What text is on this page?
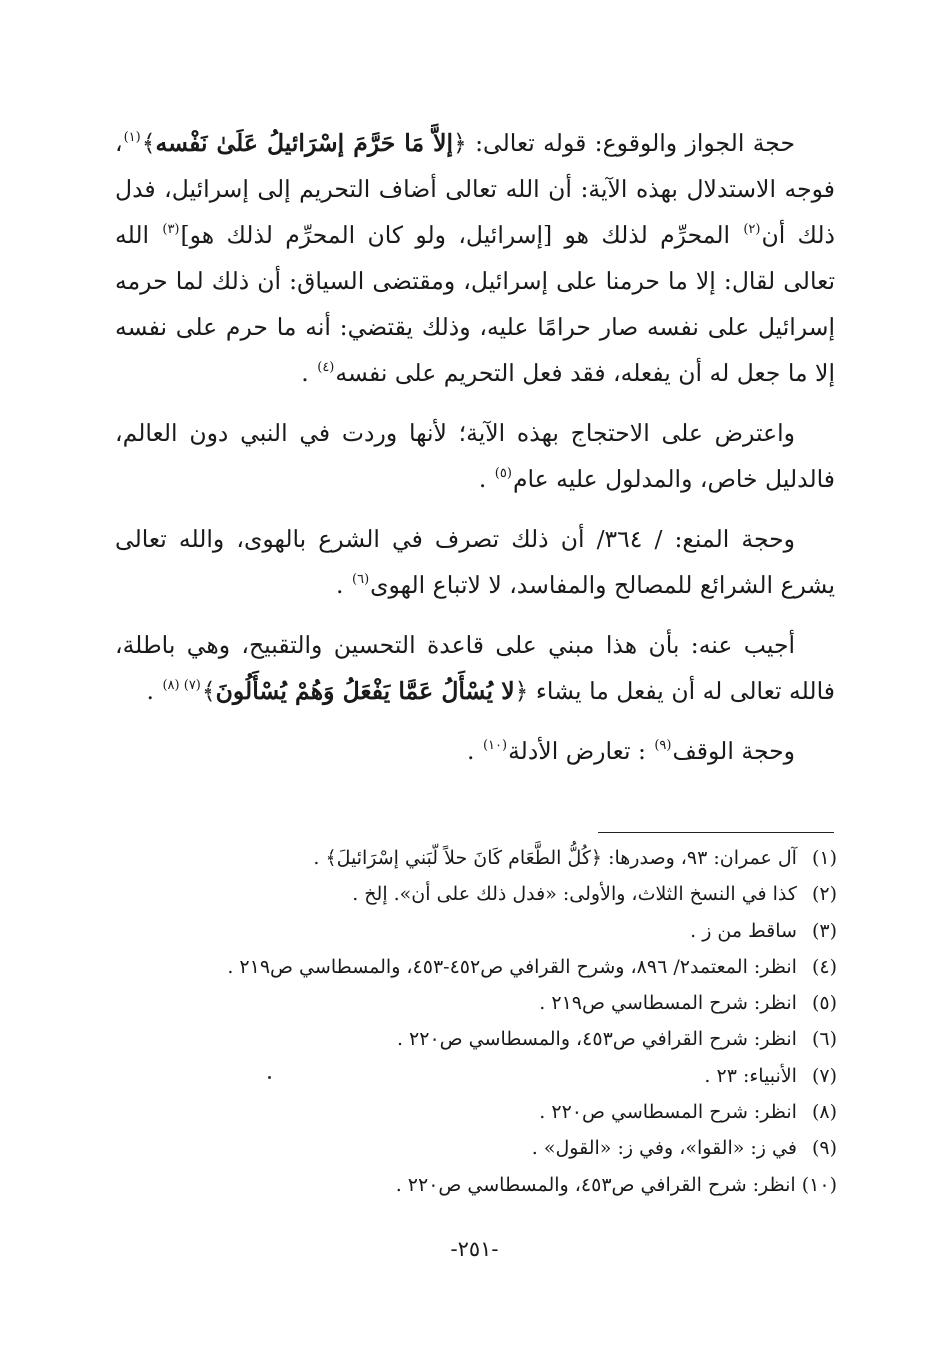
حجة الجواز والوقوع: قوله تعالى: ﴿إلاَّ مَا حَرَّمَ إسْرَائيلُ عَلَىٰ نَفْسه﴾$^{(١)}$، فوجه الاستدلال بهذه الآية: أن الله تعالى أضاف التحريم إلى إسرائيل، فدل ذلك أن$^{(٢)}$ المحرِّم لذلك هو [إسرائيل، ولو كان المحرِّم لذلك هو]$^{(٣)}$ الله تعالى لقال: إلا ما حرمنا على إسرائيل، ومقتضى السياق: أن ذلك لما حرمه إسرائيل على نفسه صار حرامًا عليه، وذلك يقتضي: أنه ما حرم على نفسه إلا ما جعل له أن يفعله، فقد فعل التحريم على نفسه$^{(٤)}$ .

واعترض على الاحتجاج بهذه الآية؛ لأنها وردت في النبي دون العالم، فالدليل خاص، والمدلول عليه عام$^{(٥)}$ .

وحجة المنع: / ٣٦٤/ أن ذلك تصرف في الشرع بالهوى، والله تعالى يشرع الشرائع للمصالح والمفاسد، لا لاتباع الهوى$^{(٦)}$ .

أجيب عنه: بأن هذا مبني على قاعدة التحسين والتقبيح، وهي باطلة، فالله تعالى له أن يفعل ما يشاء ﴿لا يُسْأَلُ عَمَّا يَفْعَلُ وَهُمْ يُسْأَلُونَ﴾$^{(٧) (٨)}$ .

وحجة الوقف$^{(٩)}$ : تعارض الأدلة$^{(١٠)}$ .

(١) آل عمران: ٩٣، وصدرها: ﴿كُلُّ الطَّعَام كَانَ حلاً لّبَني إسْرَائيلَ﴾ .
(٢) كذا في النسخ الثلاث، والأولى: «فدل ذلك على أن». إلخ .
(٣) ساقط من ز .
(٤) انظر: المعتمد٢/ ٨٩٦، وشرح القرافي ص٤٥٢-٤٥٣، والمسطاسي ص٢١٩ .
(٥) انظر: شرح المسطاسي ص٢١٩ .
(٦) انظر: شرح القرافي ص٤٥٣، والمسطاسي ص٢٢٠ .
(٧) الأنبياء: ٢٣ .
(٨) انظر: شرح المسطاسي ص٢٢٠ .
(٩) في ز: «القوا»، وفي ز: «القول» .
(١٠) انظر: شرح القرافي ص٤٥٣، والمسطاسي ص٢٢٠ .
-٢٥١-
